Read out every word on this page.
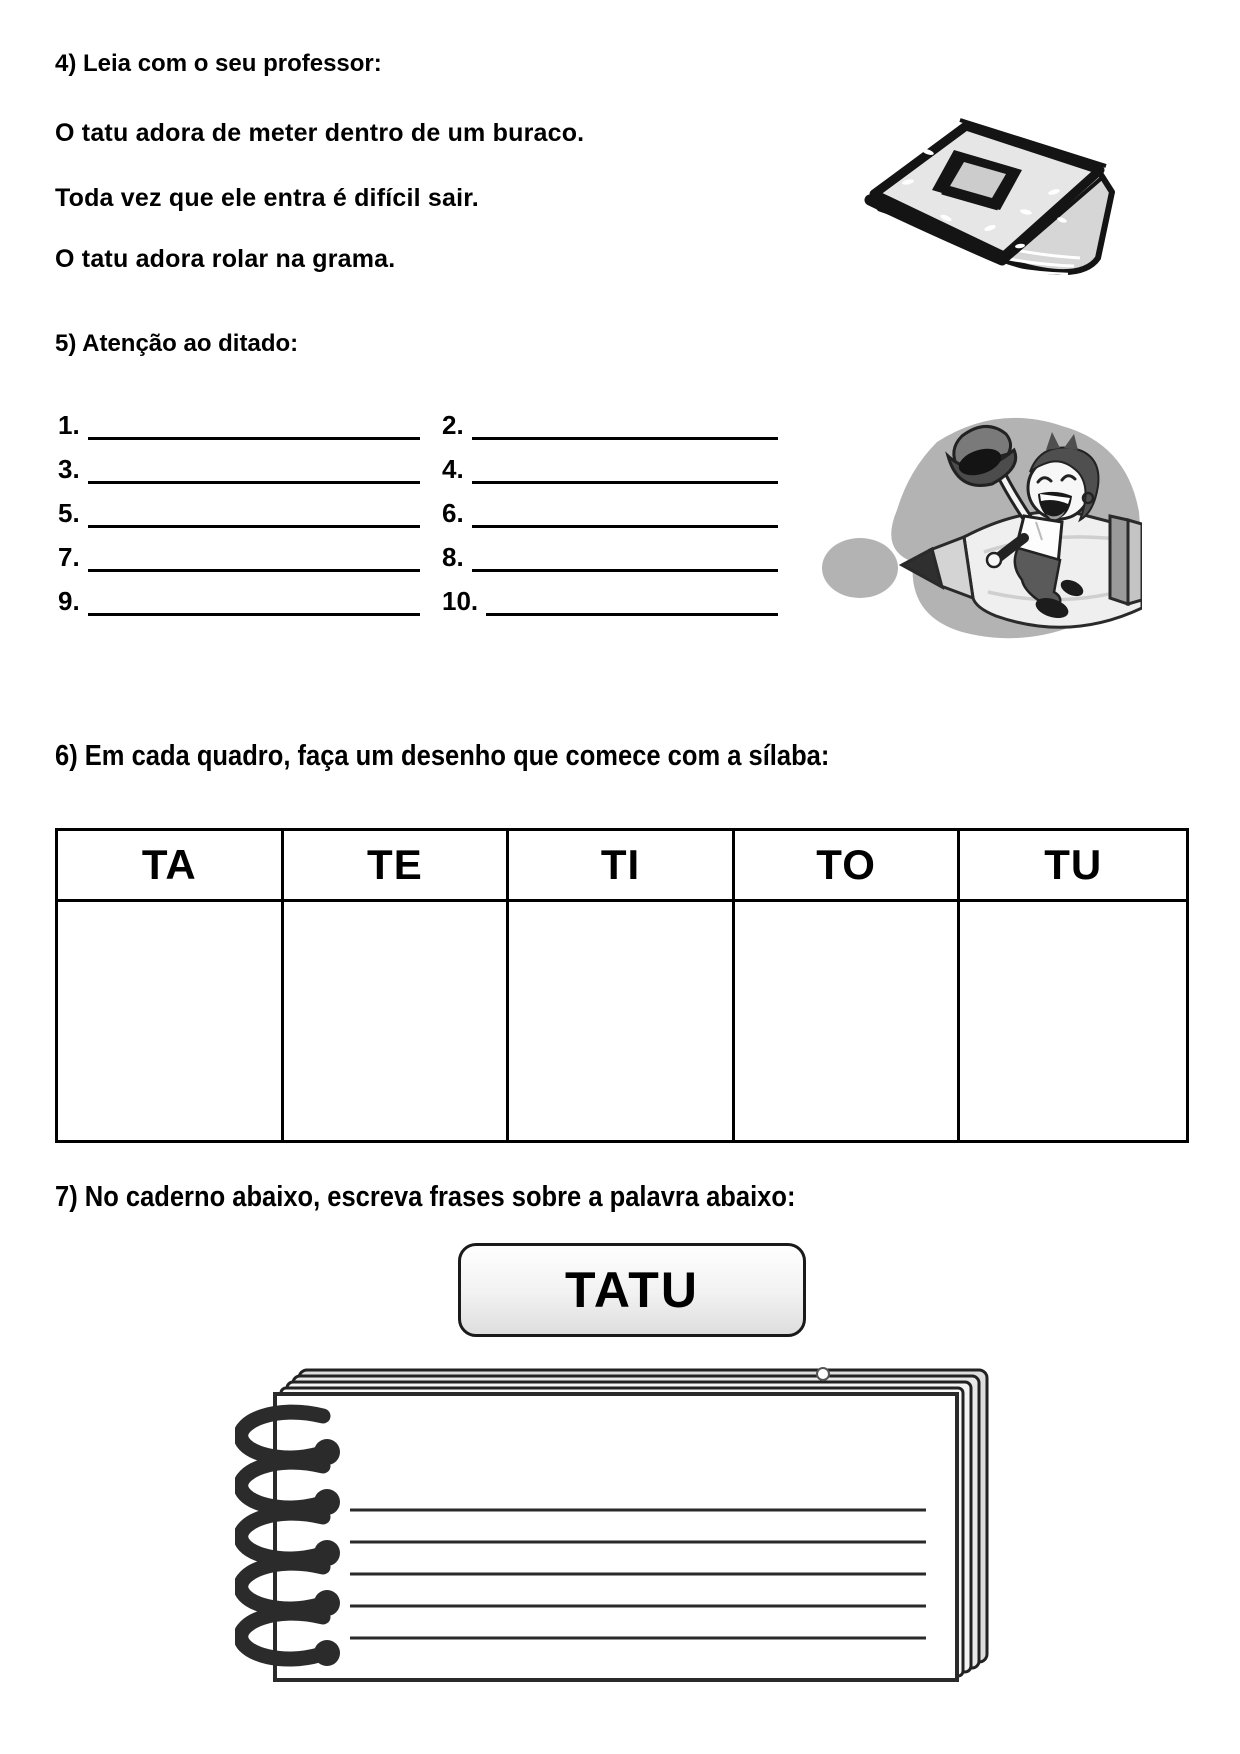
4) Leia com o seu professor:
O tatu adora de meter dentro de um buraco.
Toda vez que ele entra é difícil sair.
O tatu adora rolar na grama.
5) Atenção ao ditado:
1.	2.
3.	4.
5.	6.
7.	8.
9.	10.
6) Em cada quadro, faça um desenho que comece com a sílaba:
TA	TE	TI	TO	TU
7) No caderno abaixo, escreva frases sobre a palavra abaixo:
TATU
